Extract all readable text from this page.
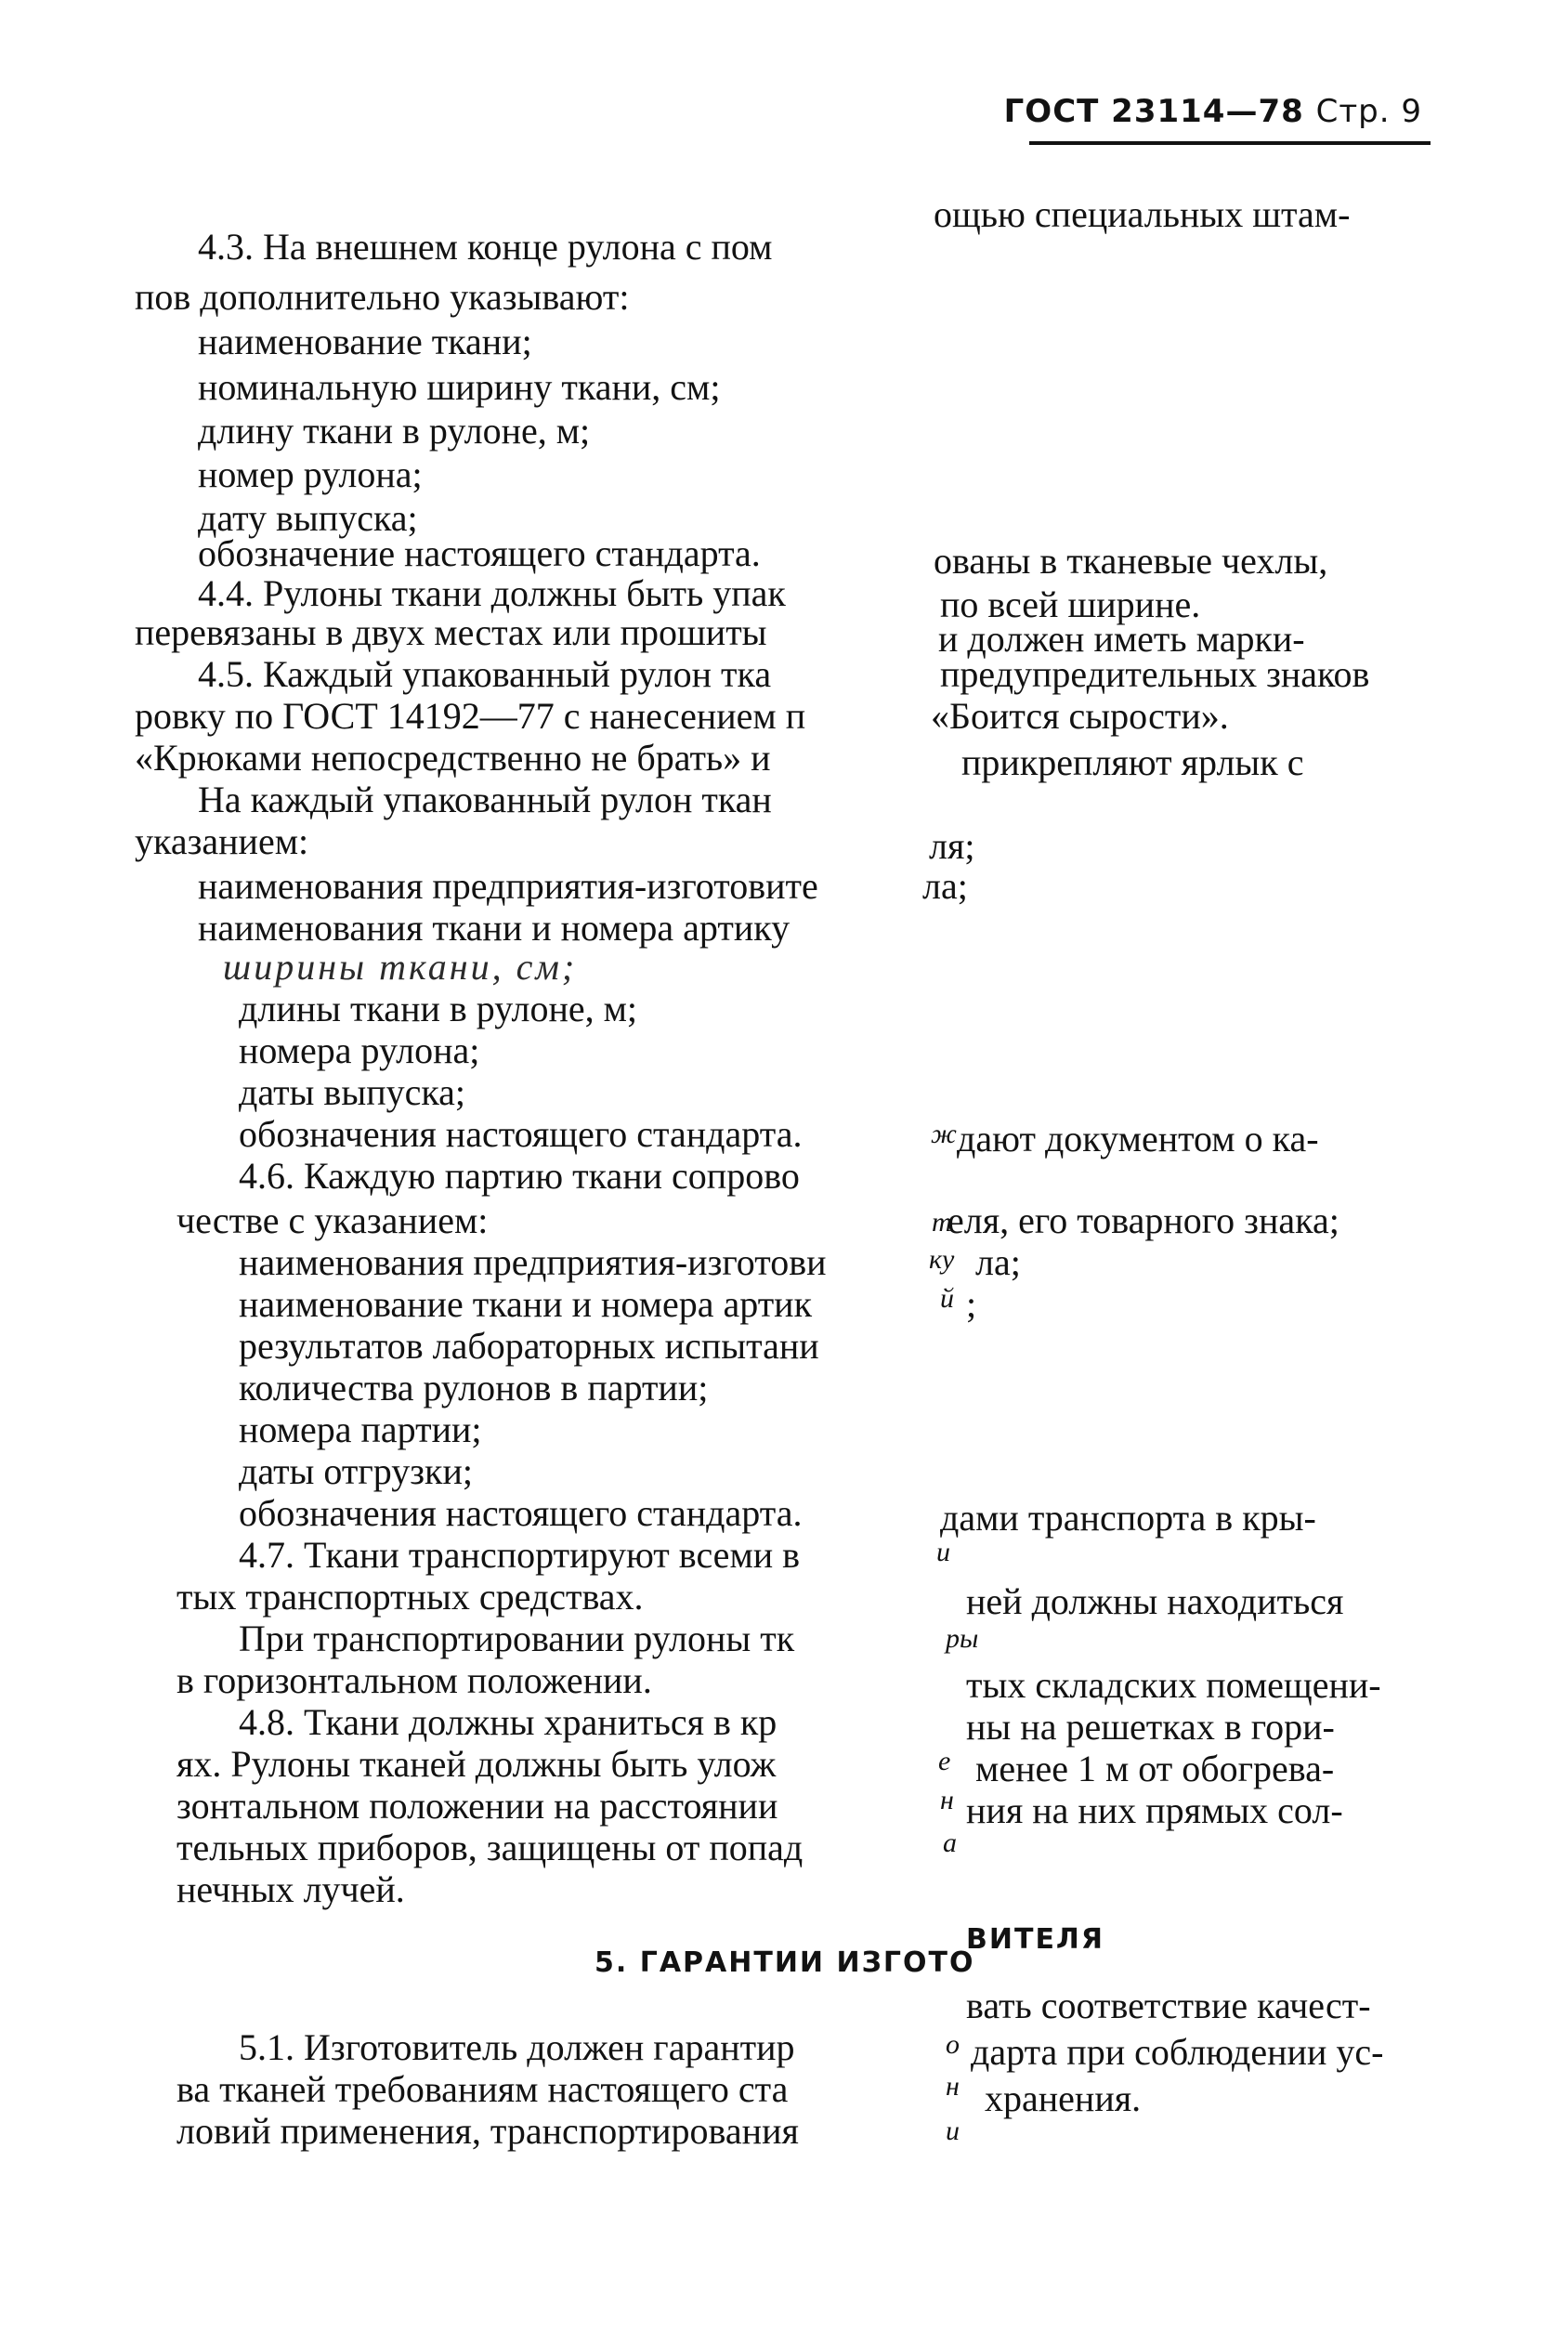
ГОСТ 23114—78 Стр. 9
ощью специальных штам-
4.3. На внешнем конце рулона с пом
пов дополнительно указывают:
наименование ткани;
номинальную ширину ткани, см;
длину ткани в рулоне, м;
номер рулона;
дату выпуска;
обозначение настоящего стандарта.	ованы в тканевые чехлы,
4.4. Рулоны ткани должны быть упак	по всей ширине.
перевязаны в двух местах или прошиты	и должен иметь марки-
4.5. Каждый упакованный рулон тка	предупредительных знаков
ровку по ГОСТ 14192—77 с нанесением п	«Боится сырости».
«Крюками непосредственно не брать» и	прикрепляют ярлык с
На каждый упакованный рулон ткан
указанием:	ля;
наименования предприятия-изготовите	ла;
наименования ткани и номера артику
ширины ткани, см;
длины ткани в рулоне, м;
номера рулона;
даты выпуска;
обозначения настоящего стандарта.	ж дают документом о ка-
4.6. Каждую партию ткани сопрово
честве с указанием:	т
еля, его товарного знака;
наименования предприятия-изготови	ку ла;
наименование ткани и номера артик	й ;
результатов лабораторных испытани
количества рулонов в партии;
номера партии;
даты отгрузки;
обозначения настоящего стандарта.	дами транспорта в кры-
4.7. Ткани транспортируют всеми в	и
тых транспортных средствах.	ней должны находиться
При транспортировании рулоны тк	ры
в горизонтальном положении.	тых складских помещени-
4.8. Ткани должны храниться в кр	ны на решетках в гори-
ях. Рулоны тканей должны быть улож	е менее 1 м от обогрева-
зонтальном положении на расстоянии	н ния на них прямых сол-
тельных приборов, защищены от попад	а
нечных лучей.
5. ГАРАНТИИ ИЗГОТО
ВИТЕЛЯ
вать соответствие качест-
5.1. Изготовитель должен гарантир	о дарта при соблюдении ус-
ва тканей требованиям настоящего ста	н хранения.
ловий применения, транспортирования	и
